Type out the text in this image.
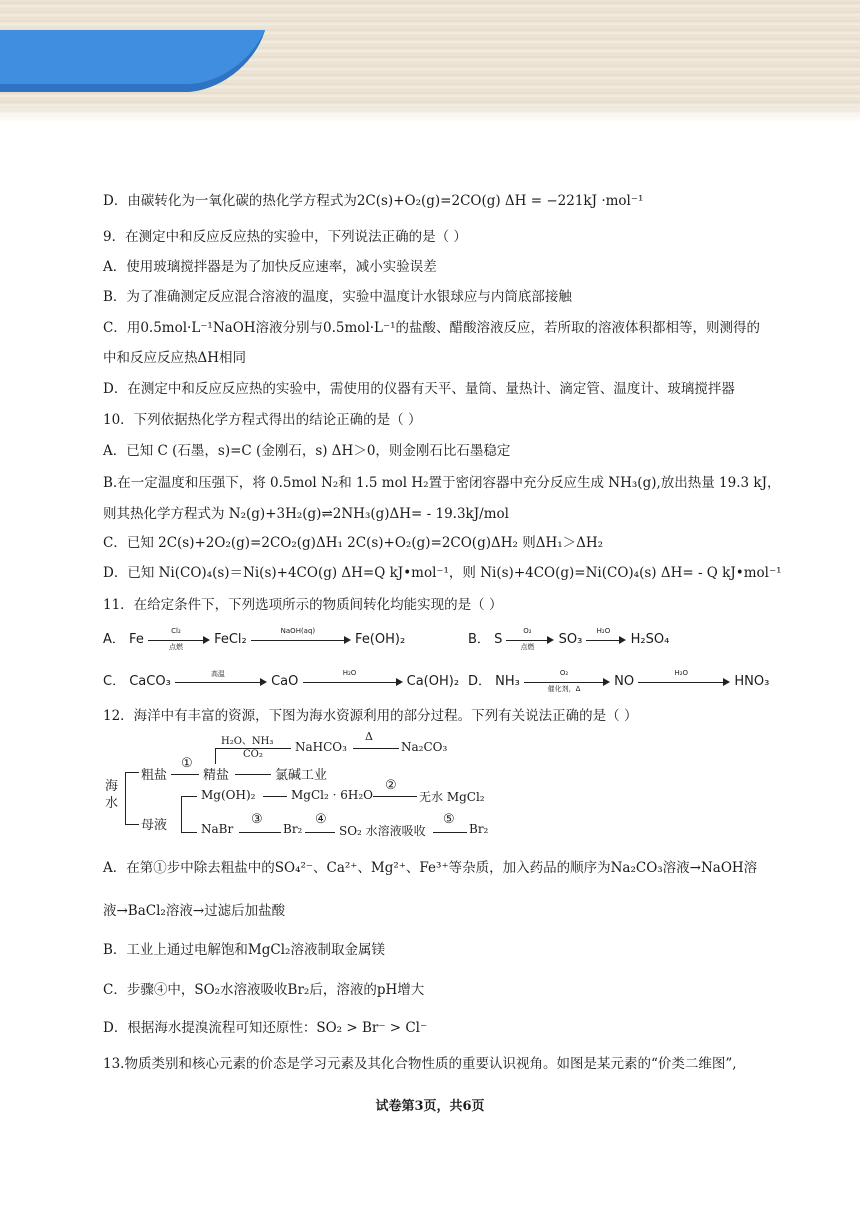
D．由碳转化为一氧化碳的热化学方程式为2C(s)+O₂(g)=2CO(g) ΔH = −221kJ ·mol⁻¹
9．在测定中和反应反应热的实验中，下列说法正确的是（ ）
A．使用玻璃搅拌器是为了加快反应速率，减小实验误差
B．为了准确测定反应混合溶液的温度，实验中温度计水银球应与内筒底部接触
C．用0.5mol·L⁻¹NaOH溶液分别与0.5mol·L⁻¹的盐酸、醋酸溶液反应，若所取的溶液体积都相等，则测得的
中和反应反应热ΔH相同
D．在测定中和反应反应热的实验中，需使用的仪器有天平、量筒、量热计、滴定管、温度计、玻璃搅拌器
10．下列依据热化学方程式得出的结论正确的是（ ）
A．已知 C (石墨，s)=C (金刚石，s) ΔH＞0，则金刚石比石墨稳定
B.在一定温度和压强下，将 0.5mol N₂和 1.5 mol H₂置于密闭容器中充分反应生成 NH₃(g),放出热量 19.3 kJ，
则其热化学方程式为 N₂(g)+3H₂(g)⇌2NH₃(g)ΔH= - 19.3kJ/mol
C．已知 2C(s)+2O₂(g)=2CO₂(g)ΔH₁ 2C(s)+O₂(g)=2CO(g)ΔH₂ 则ΔH₁＞ΔH₂
D．已知 Ni(CO)₄(s)＝Ni(s)+4CO(g) ΔH=Q kJ•mol⁻¹，则 Ni(s)+4CO(g)=Ni(CO)₄(s) ΔH= - Q kJ•mol⁻¹
11．在给定条件下，下列选项所示的物质间转化均能实现的是（ ）
A． Fe
Cl₂
点燃	FeCl₂
NaOH(aq)
Fe(OH)₂	B． S
O₂
点燃	SO₃
H₂O
H₂SO₄
C． CaCO₃
高温
CaO
H₂O
Ca(OH)₂ D． NH₃
O₂
催化剂，Δ	NO
H₂O
HNO₃
12．海洋中有丰富的资源，下图为海水资源利用的部分过程。下列有关说法正确的是（ ）
海水
粗盐
①
精盐
H₂O、NH₃
CO₂
NaHCO₃
Δ
Na₂CO₃
氯碱工业
母液
Mg(OH)₂	MgCl₂ · 6H₂O
②
无水 MgCl₂
NaBr
③
Br₂
④
SO₂ 水溶液吸收
⑤
Br₂
A．在第①步中除去粗盐中的SO₄²⁻、Ca²⁺、Mg²⁺、Fe³⁺等杂质，加入药品的顺序为Na₂CO₃溶液→NaOH溶
液→BaCl₂溶液→过滤后加盐酸
B．工业上通过电解饱和MgCl₂溶液制取金属镁
C．步骤④中，SO₂水溶液吸收Br₂后，溶液的pH增大
D．根据海水提溴流程可知还原性：SO₂ > Br⁻ > Cl⁻
13.物质类别和核心元素的价态是学习元素及其化合物性质的重要认识视角。如图是某元素的“价类二维图”,
试卷第3页，共6页
